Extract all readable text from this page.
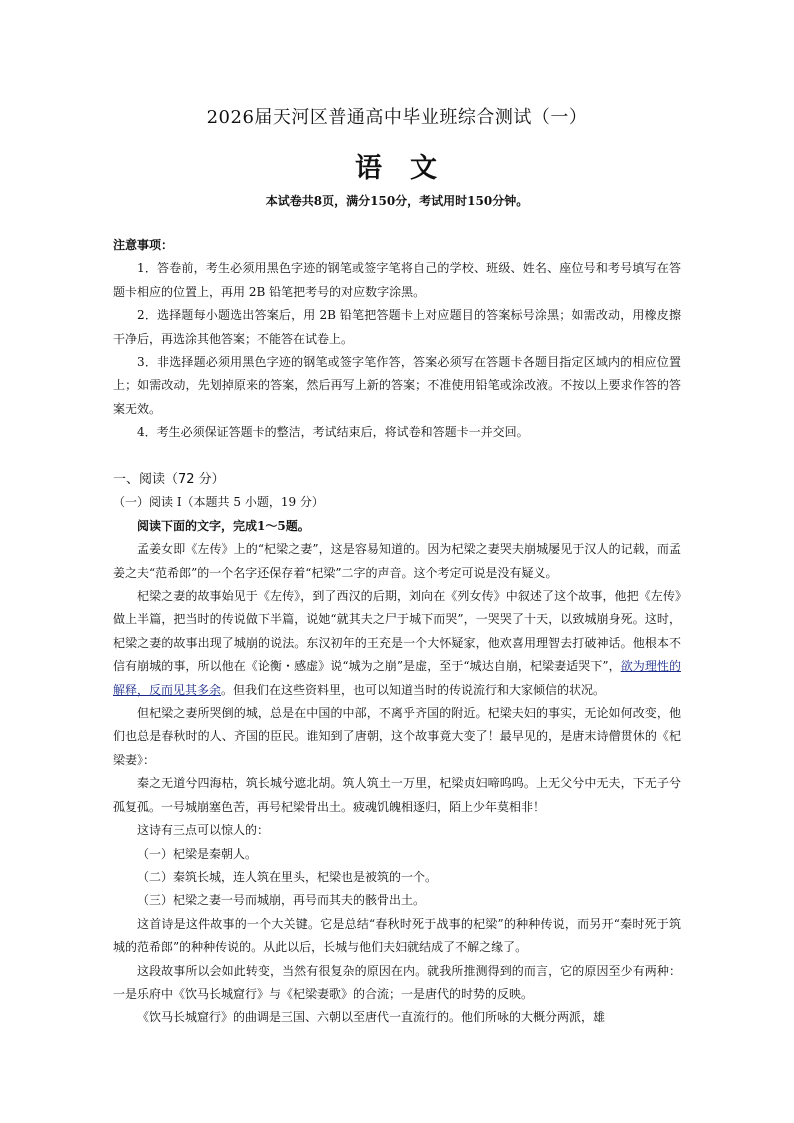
2026届天河区普通高中毕业班综合测试（一）
语 文
本试卷共8页，满分150分，考试用时150分钟。

注意事项：

1．答卷前，考生必须用黑色字迹的钢笔或签字笔将自己的学校、班级、姓名、座位号和考号填写在答题卡相应的位置上，再用 2B 铅笔把考号的对应数字涂黑。

2．选择题每小题选出答案后，用 2B 铅笔把答题卡上对应题目的答案标号涂黑；如需改动，用橡皮擦干净后，再选涂其他答案；不能答在试卷上。

3．非选择题必须用黑色字迹的钢笔或签字笔作答，答案必须写在答题卡各题目指定区域内的相应位置上；如需改动，先划掉原来的答案，然后再写上新的答案；不准使用铅笔或涂改液。不按以上要求作答的答案无效。

4．考生必须保证答题卡的整洁，考试结束后，将试卷和答题卡一并交回。

一、阅读（72 分）

（一）阅读 I（本题共 5 小题，19 分）

阅读下面的文字，完成1～5题。

孟姜女即《左传》上的“杞梁之妻”，这是容易知道的。因为杞梁之妻哭夫崩城屡见于汉人的记载，而孟姜之夫“范希郎”的一个名字还保存着“杞梁”二字的声音。这个考定可说是没有疑义。

杞梁之妻的故事始见于《左传》，到了西汉的后期，刘向在《列女传》中叙述了这个故事，他把《左传》做上半篇，把当时的传说做下半篇，说她“就其夫之尸于城下而哭”，一哭哭了十天，以致城崩身死。这时，杞梁之妻的故事出现了城崩的说法。东汉初年的王充是一个大怀疑家，他欢喜用理智去打破神话。他根本不信有崩城的事，所以他在《论衡・感虚》说“城为之崩”是虚，至于“城达自崩，杞梁妻适哭下”，欲为理性的解释，反而见其多余。但我们在这些资料里，也可以知道当时的传说流行和大家倾信的状况。

但杞梁之妻所哭倒的城，总是在中国的中部，不离乎齐国的附近。杞梁夫妇的事实，无论如何改变，他们也总是春秋时的人、齐国的臣民。谁知到了唐朝，这个故事竟大变了！最早见的，是唐末诗僧贯休的《杞梁妻》：

秦之无道兮四海枯，筑长城兮遮北胡。筑人筑土一万里，杞梁贞妇啼呜呜。上无父兮中无夫，下无子兮孤复孤。一号城崩塞色苦，再号杞梁骨出土。疲魂饥魄相逐归，陌上少年莫相非！

这诗有三点可以惊人的：

（一）杞梁是秦朝人。

（二）秦筑长城，连人筑在里头，杞梁也是被筑的一个。

（三）杞梁之妻一号而城崩，再号而其夫的骸骨出土。

这首诗是这件故事的一个大关键。它是总结“春秋时死于战事的杞梁”的种种传说，而另开“秦时死于筑城的范希郎”的种种传说的。从此以后，长城与他们夫妇就结成了不解之缘了。

这段故事所以会如此转变，当然有很复杂的原因在内。就我所推测得到的而言，它的原因至少有两种：一是乐府中《饮马长城窟行》与《杞梁妻歌》的合流；一是唐代的时势的反映。

《饮马长城窟行》的曲调是三国、六朝以至唐代一直流行的。他们所咏的大概分两派，雄
